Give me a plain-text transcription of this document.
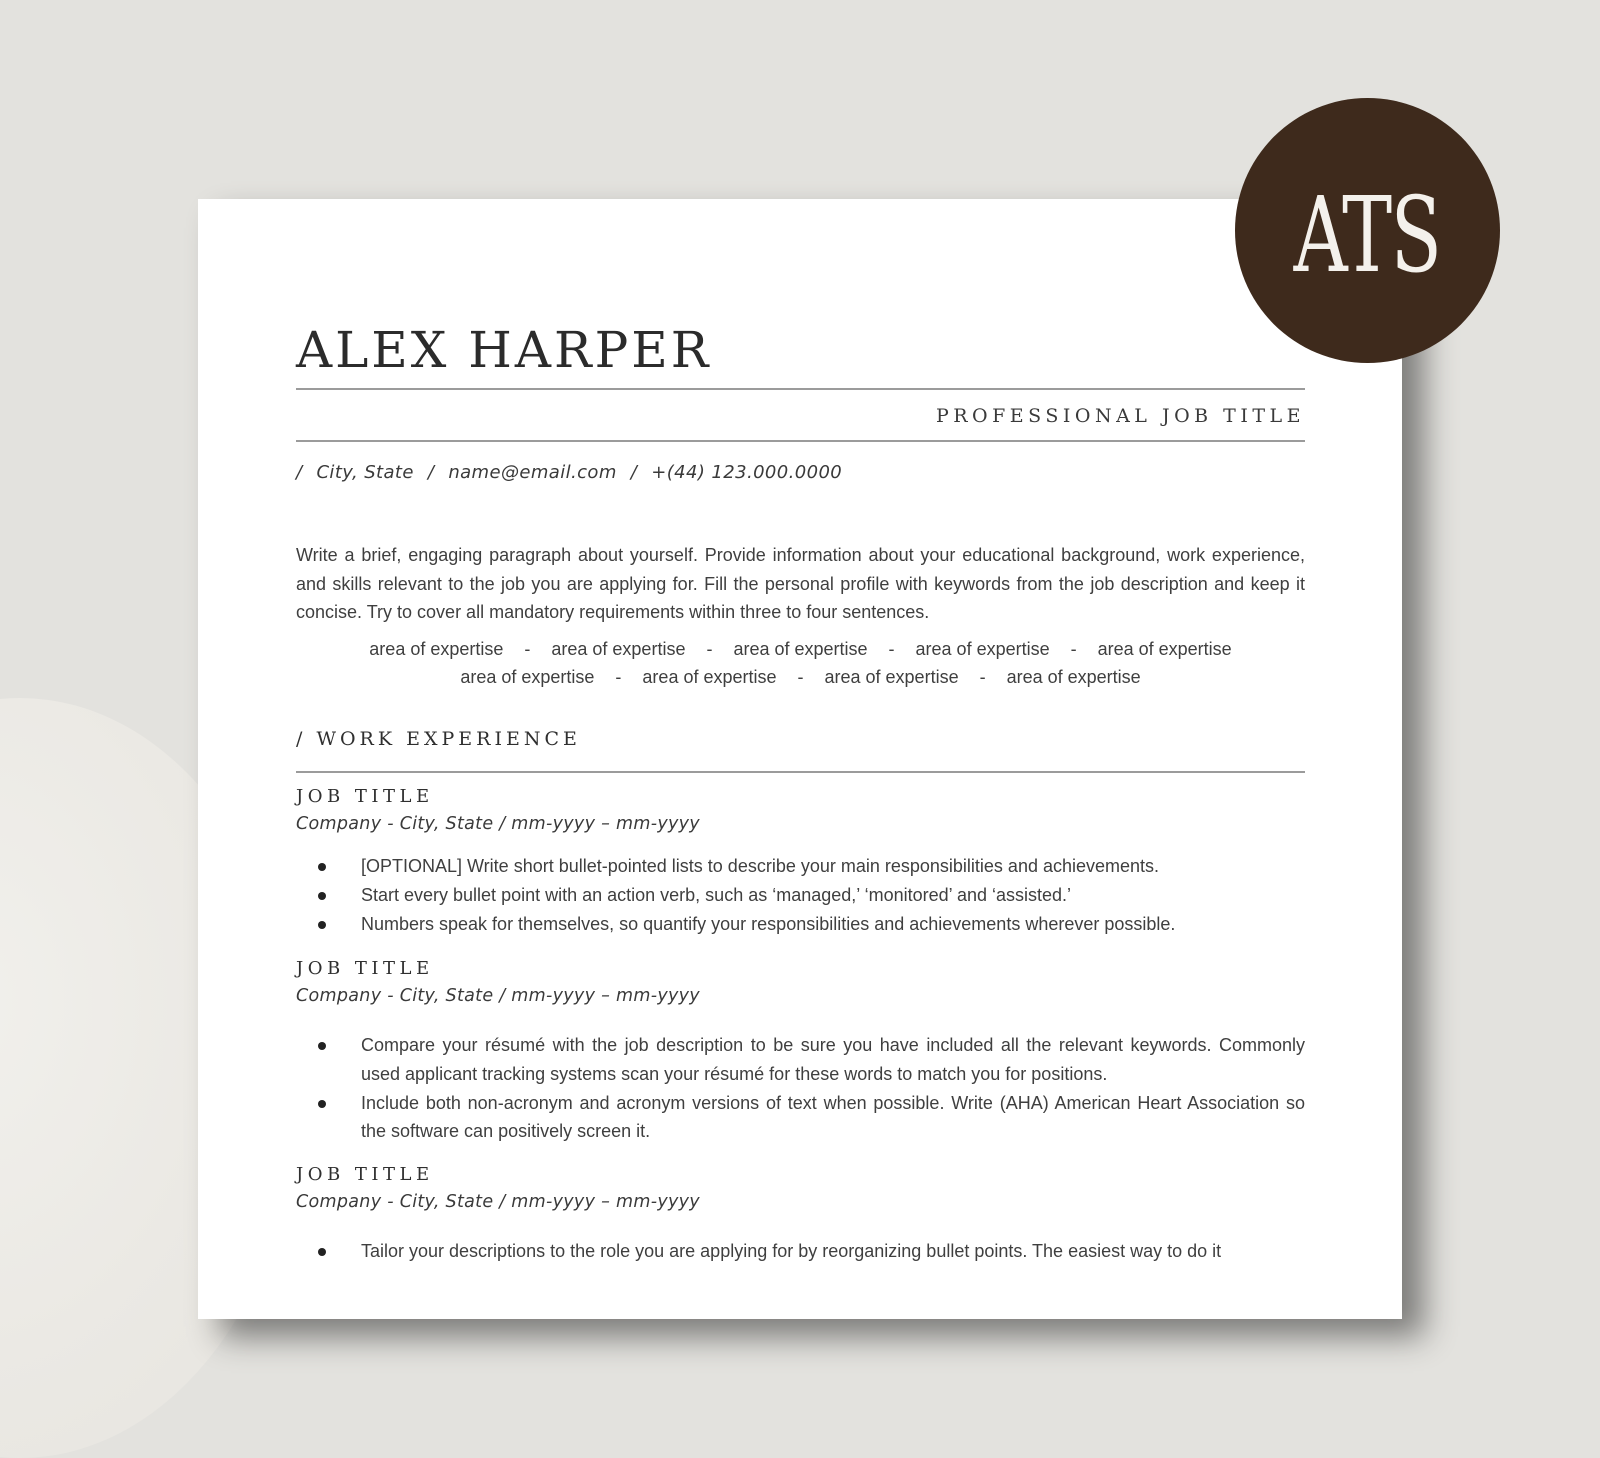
ALEX HARPER
PROFESSIONAL JOB TITLE
/ City, State / name@email.com / +(44) 123.000.0000
Write a brief, engaging paragraph about yourself. Provide information about your educational background, work experience, and skills relevant to the job you are applying for. Fill the personal profile with keywords from the job description and keep it concise. Try to cover all mandatory requirements within three to four sentences.
area of expertise - area of expertise - area of expertise - area of expertise - area of expertise
area of expertise - area of expertise - area of expertise - area of expertise
/ WORK EXPERIENCE
JOB TITLE
Company - City, State / mm-yyyy – mm-yyyy
[OPTIONAL] Write short bullet-pointed lists to describe your main responsibilities and achievements.
Start every bullet point with an action verb, such as ‘managed,’ ‘monitored’ and ‘assisted.’
Numbers speak for themselves, so quantify your responsibilities and achievements wherever possible.
JOB TITLE
Company - City, State / mm-yyyy – mm-yyyy
Compare your résumé with the job description to be sure you have included all the relevant keywords. Commonly used applicant tracking systems scan your résumé for these words to match you for positions.
Include both non-acronym and acronym versions of text when possible. Write (AHA) American Heart Association so the software can positively screen it.
JOB TITLE
Company - City, State / mm-yyyy – mm-yyyy
Tailor your descriptions to the role you are applying for by reorganizing bullet points. The easiest way to do it
ATS
